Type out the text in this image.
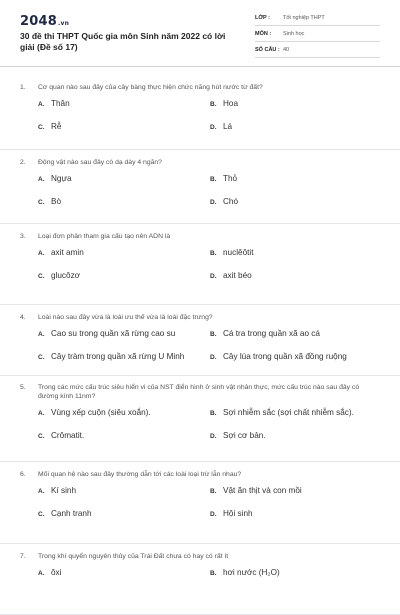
2048.vn
30 đề thi THPT Quốc gia môn Sinh năm 2022 có lời giải (Đề số 17)
LỚP :	Tốt nghiệp THPT
MÔN :	Sinh học
SỐ CÂU : 40
1.	Cơ quan nào sau đây của cây bàng thực hiện chức năng hút nước từ đất?
A. Thân	B. Hoa
C. Rễ	D. Lá
2.	Động vật nào sau đây có dạ dày 4 ngăn?
A. Ngựa	B. Thỏ
C. Bò	D. Chó
3.	Loại đơn phân tham gia cấu tạo nên ADN là
A. axit amin	B. nuclêôtit
C. glucôzơ	D. axit béo
4.	Loài nào sau đây vừa là loài ưu thế vừa là loài đặc trưng?
A. Cao su trong quần xã rừng cao su	B. Cá tra trong quần xã ao cá
C. Cây tràm trong quần xã rừng U Minh	D. Cây lúa trong quần xã đồng ruộng
5.	Trong các mức cấu trúc siêu hiển vi của NST điển hình ở sinh vật nhân thực, mức cấu trúc nào sau đây có đường kính 11nm?
A. Vùng xếp cuộn (siêu xoắn).	B. Sợi nhiễm sắc (sợi chất nhiễm sắc).
C. Crômatit.	D. Sợi cơ bản.
6.	Mối quan hệ nào sau đây thường dẫn tới các loài loại trừ lẫn nhau?
A. Kí sinh	B. Vật ăn thịt và con mồi
C. Cạnh tranh	D. Hội sinh
7.	Trong khí quyển nguyên thủy của Trái Đất chưa có hay có rất ít
A. ôxi	B. hơi nước (H₂O)
